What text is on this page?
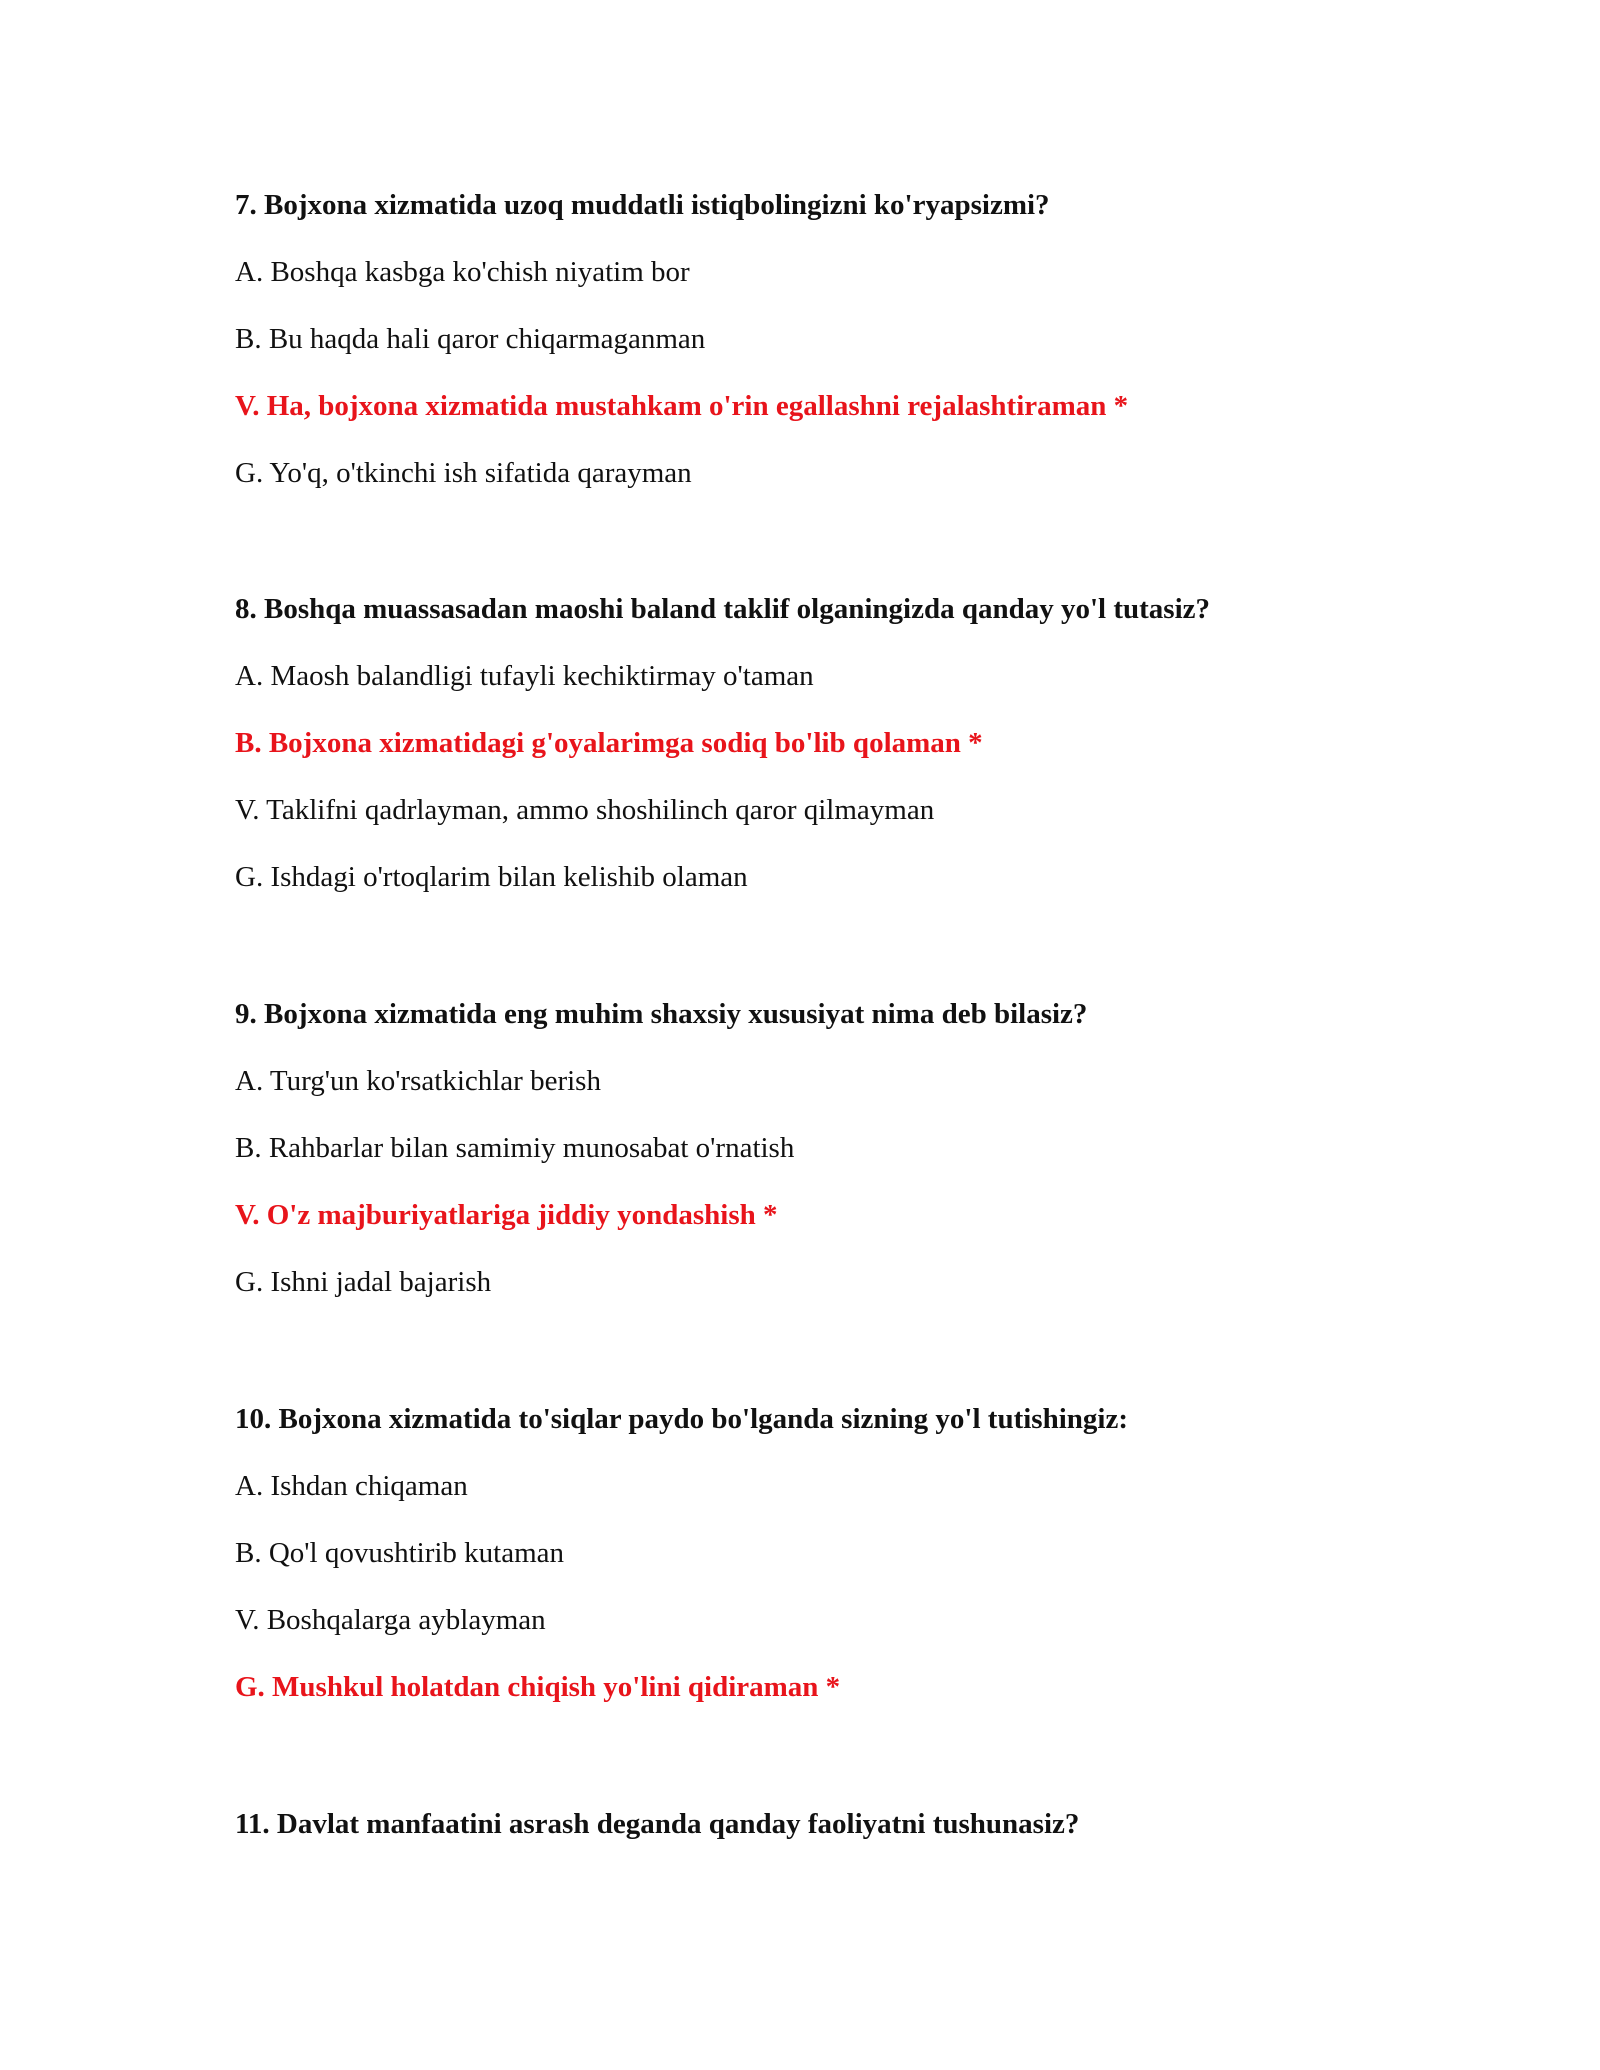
7. Bojxona xizmatida uzoq muddatli istiqbolingizni ko'ryapsizmi?

A. Boshqa kasbga ko'chish niyatim bor

B. Bu haqda hali qaror chiqarmaganman

V. Ha, bojxona xizmatida mustahkam o'rin egallashni rejalashtiraman *

G. Yo'q, o'tkinchi ish sifatida qarayman

8. Boshqa muassasadan maoshi baland taklif olganingizda qanday yo'l tutasiz?

A. Maosh balandligi tufayli kechiktirmay o'taman

B. Bojxona xizmatidagi g'oyalarimga sodiq bo'lib qolaman *

V. Taklifni qadrlayman, ammo shoshilinch qaror qilmayman

G. Ishdagi o'rtoqlarim bilan kelishib olaman

9. Bojxona xizmatida eng muhim shaxsiy xususiyat nima deb bilasiz?

A. Turg'un ko'rsatkichlar berish

B. Rahbarlar bilan samimiy munosabat o'rnatish

V. O'z majburiyatlariga jiddiy yondashish *

G. Ishni jadal bajarish

10. Bojxona xizmatida to'siqlar paydo bo'lganda sizning yo'l tutishingiz:

A. Ishdan chiqaman

B. Qo'l qovushtirib kutaman

V. Boshqalarga ayblayman

G. Mushkul holatdan chiqish yo'lini qidiraman *

11. Davlat manfaatini asrash deganda qanday faoliyatni tushunasiz?
